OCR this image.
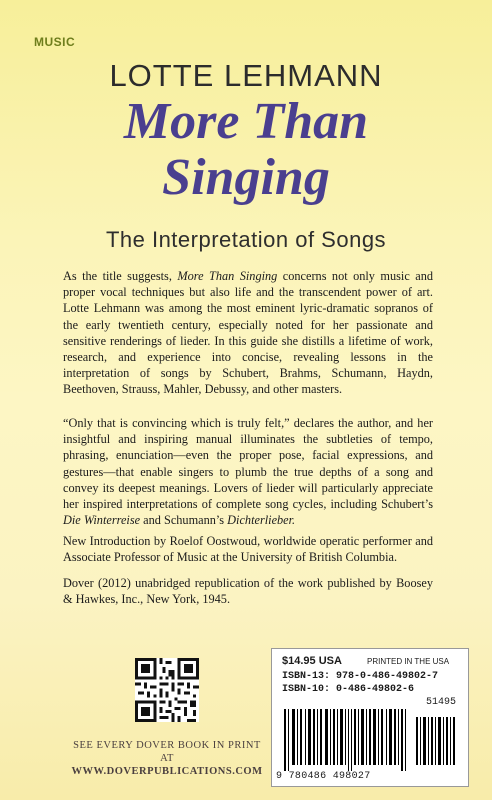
MUSIC
LOTTE LEHMANN
More Than
Singing
The Interpretation of Songs

As the title suggests, More Than Singing concerns not only music and proper vocal techniques but also life and the transcendent power of art. Lotte Lehmann was among the most eminent lyric-dramatic sopranos of the early twentieth century, especially noted for her passionate and sensitive renderings of lieder. In this guide she distills a lifetime of work, research, and experience into concise, revealing lessons in the interpretation of songs by Schubert, Brahms, Schumann, Haydn, Beethoven, Strauss, Mahler, Debussy, and other masters.

“Only that is convincing which is truly felt,” declares the author, and her insightful and inspiring manual illuminates the subtleties of tempo, phrasing, enunciation—even the proper pose, facial expressions, and gestures—that enable singers to plumb the true depths of a song and convey its deepest meanings. Lovers of lieder will particularly appreciate her inspired interpretations of complete song cycles, including Schubert’s Die Winterreise and Schumann’s Dichterlieber.

New Introduction by Roelof Oostwoud, worldwide operatic performer and Associate Professor of Music at the University of British Columbia.

Dover (2012) unabridged republication of the work published by Boosey & Hawkes, Inc., New York, 1945.

SEE EVERY DOVER BOOK IN PRINT AT
WWW.DOVERPUBLICATIONS.COM
$14.95 USA	PRINTED IN THE USA
ISBN-13: 978-0-486-49802-7
ISBN-10: 0-486-49802-6
51495
9 780486 498027
